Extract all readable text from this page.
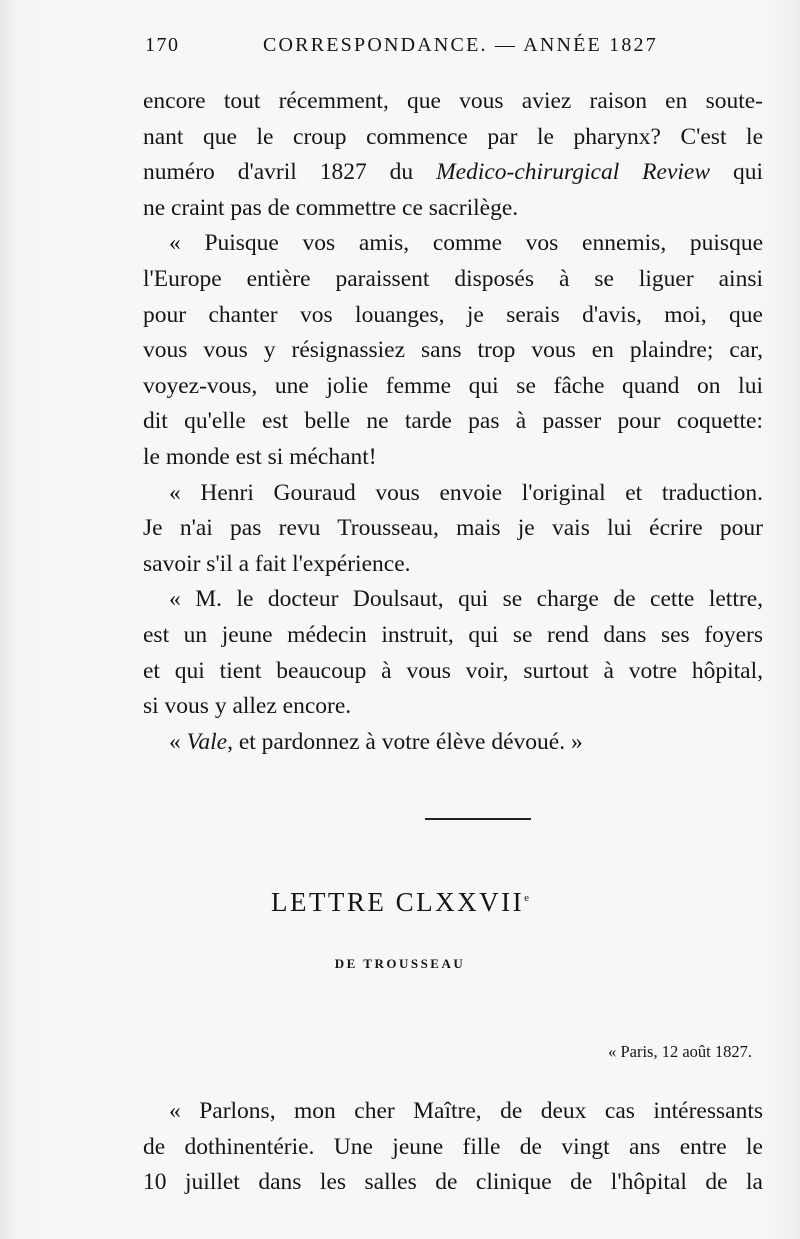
170	CORRESPONDANCE. — ANNÉE 1827
encore tout récemment, que vous aviez raison en soute-
nant que le croup commence par le pharynx? C'est le
numéro d'avril 1827 du Medico-chirurgical Review qui
ne craint pas de commettre ce sacrilège.
« Puisque vos amis, comme vos ennemis, puisque
l'Europe entière paraissent disposés à se liguer ainsi
pour chanter vos louanges, je serais d'avis, moi, que
vous vous y résignassiez sans trop vous en plaindre; car,
voyez-vous, une jolie femme qui se fâche quand on lui
dit qu'elle est belle ne tarde pas à passer pour coquette:
le monde est si méchant!
« Henri Gouraud vous envoie l'original et traduction.
Je n'ai pas revu Trousseau, mais je vais lui écrire pour
savoir s'il a fait l'expérience.
« M. le docteur Doulsaut, qui se charge de cette lettre,
est un jeune médecin instruit, qui se rend dans ses foyers
et qui tient beaucoup à vous voir, surtout à votre hôpital,
si vous y allez encore.
« Vale, et pardonnez à votre élève dévoué. »
LETTRE CLXXVIIe
DE TROUSSEAU
« Paris, 12 août 1827.
« Parlons, mon cher Maître, de deux cas intéressants
de dothinentérie. Une jeune fille de vingt ans entre le
10 juillet dans les salles de clinique de l'hôpital de la
